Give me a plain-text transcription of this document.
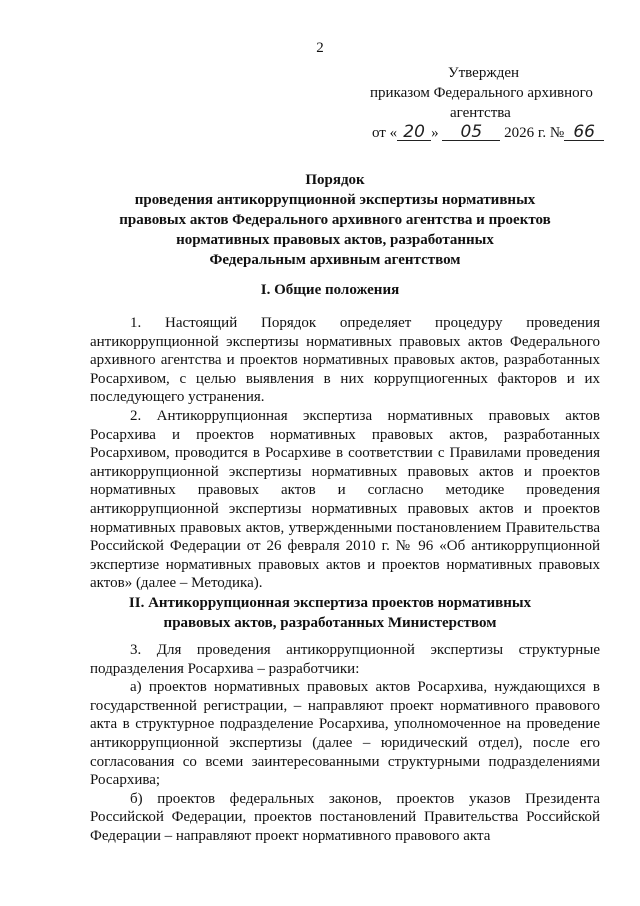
2
Утвержден
приказом Федерального архивного
агентства
от « 20 » 05 2026 г. № 66
Порядок
проведения антикоррупционной экспертизы нормативных
правовых актов Федерального архивного агентства и проектов
нормативных правовых актов, разработанных
Федеральным архивным агентством
I. Общие положения

1. Настоящий Порядок определяет процедуру проведения антикоррупционной экспертизы нормативных правовых актов Федерального архивного агентства и проектов нормативных правовых актов, разработанных Росархивом, с целью выявления в них коррупциогенных факторов и их последующего устранения.

2. Антикоррупционная экспертиза нормативных правовых актов Росархива и проектов нормативных правовых актов, разработанных Росархивом, проводится в Росархиве в соответствии с Правилами проведения антикоррупционной экспертизы нормативных правовых актов и проектов нормативных правовых актов и согласно методике проведения антикоррупционной экспертизы нормативных правовых актов и проектов нормативных правовых актов, утвержденными постановлением Правительства Российской Федерации от 26 февраля 2010 г. № 96 «Об антикоррупционной экспертизе нормативных правовых актов и проектов нормативных правовых актов» (далее – Методика).

II. Антикоррупционная экспертиза проектов нормативных
правовых актов, разработанных Министерством

3. Для проведения антикоррупционной экспертизы структурные подразделения Росархива – разработчики:

а) проектов нормативных правовых актов Росархива, нуждающихся в государственной регистрации, – направляют проект нормативного правового акта в структурное подразделение Росархива, уполномоченное на проведение антикоррупционной экспертизы (далее – юридический отдел), после его согласования со всеми заинтересованными структурными подразделениями Росархива;

б) проектов федеральных законов, проектов указов Президента Российской Федерации, проектов постановлений Правительства Российской Федерации – направляют проект нормативного правового акта
